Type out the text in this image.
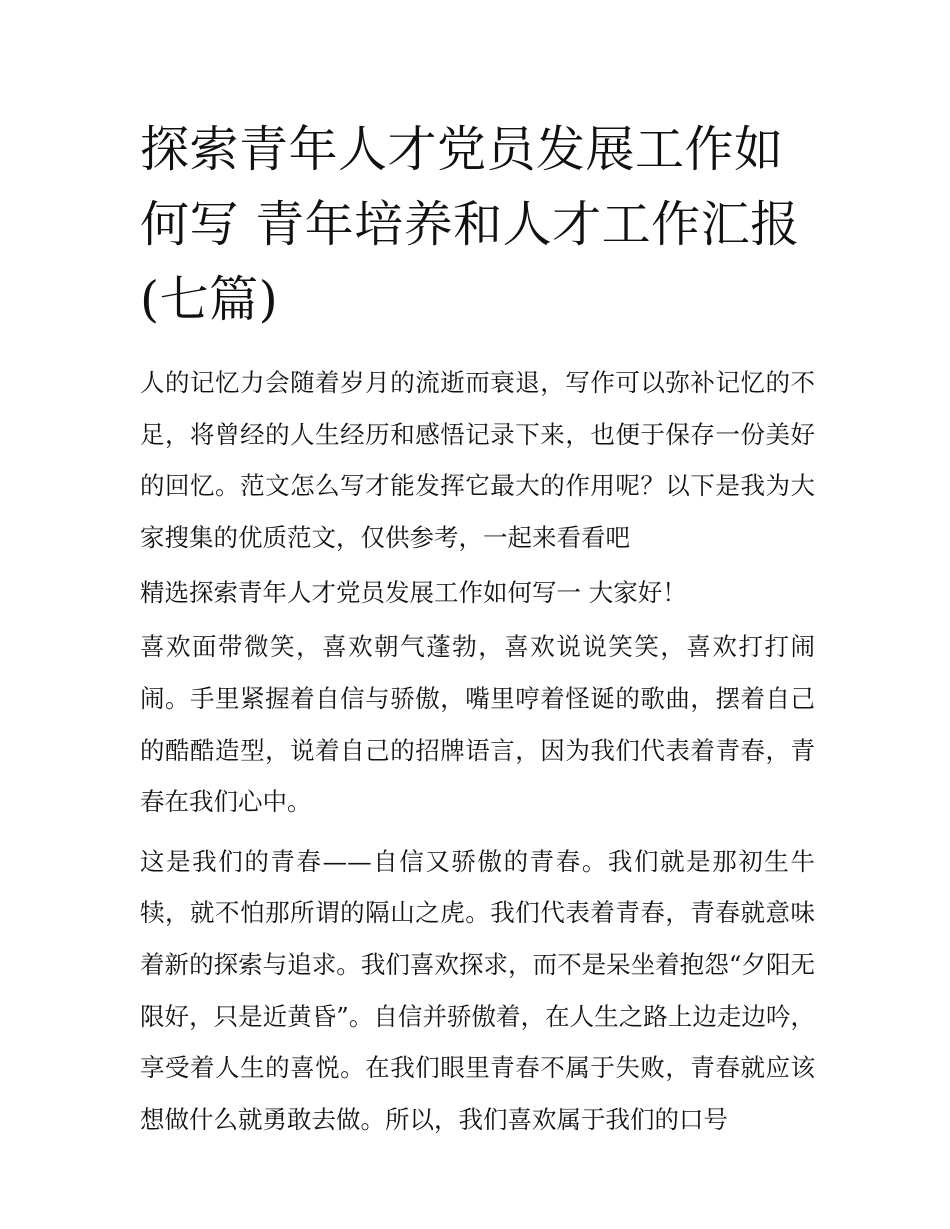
探索青年人才党员发展工作如何写 青年培养和人才工作汇报(七篇)

人的记忆力会随着岁月的流逝而衰退，写作可以弥补记忆的不足，将曾经的人生经历和感悟记录下来，也便于保存一份美好的回忆。范文怎么写才能发挥它最大的作用呢？以下是我为大家搜集的优质范文，仅供参考，一起来看看吧

精选探索青年人才党员发展工作如何写一 大家好！

喜欢面带微笑，喜欢朝气蓬勃，喜欢说说笑笑，喜欢打打闹闹。手里紧握着自信与骄傲，嘴里哼着怪诞的歌曲，摆着自己的酷酷造型，说着自己的招牌语言，因为我们代表着青春，青春在我们心中。

这是我们的青春——自信又骄傲的青春。我们就是那初生牛犊，就不怕那所谓的隔山之虎。我们代表着青春，青春就意味着新的探索与追求。我们喜欢探求，而不是呆坐着抱怨“夕阳无限好，只是近黄昏”。自信并骄傲着，在人生之路上边走边吟，享受着人生的喜悦。在我们眼里青春不属于失败，青春就应该想做什么就勇敢去做。所以，我们喜欢属于我们的口号
